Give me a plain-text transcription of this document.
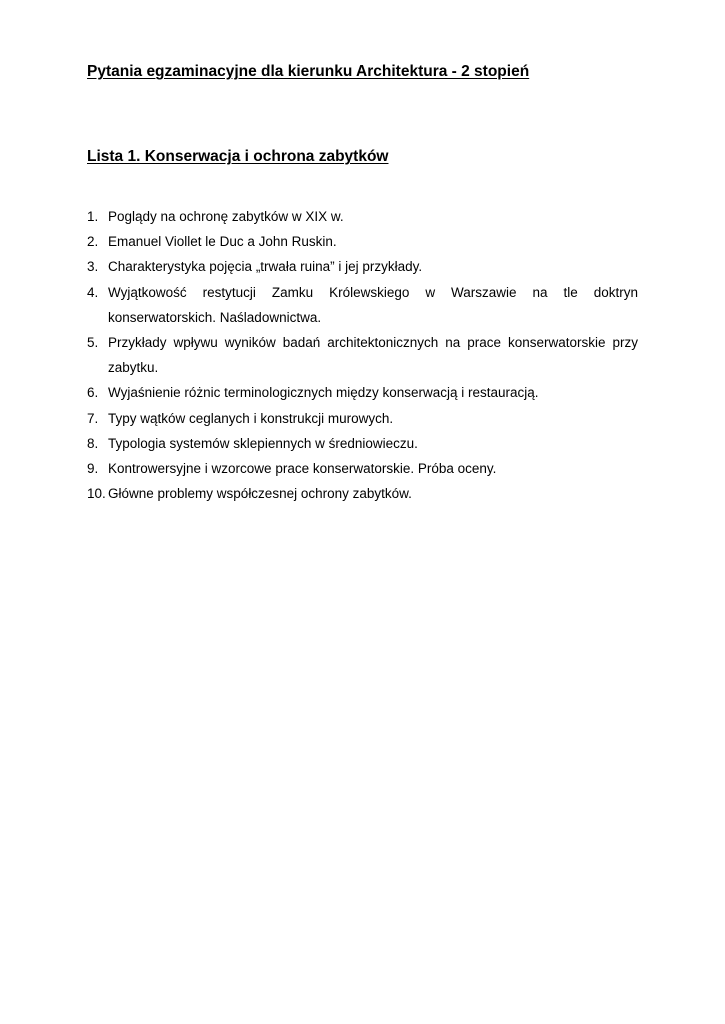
Pytania egzaminacyjne dla kierunku Architektura - 2 stopień
Lista 1. Konserwacja i ochrona zabytków
1. Poglądy na ochronę zabytków w XIX w.
2. Emanuel Viollet le Duc a John Ruskin.
3. Charakterystyka pojęcia „trwała ruina” i jej przykłady.
4. Wyjątkowość restytucji Zamku Królewskiego w Warszawie na tle doktryn konserwatorskich. Naśladownictwa.
5. Przykłady wpływu wyników badań architektonicznych na prace konserwatorskie przy zabytku.
6. Wyjaśnienie różnic terminologicznych między konserwacją i restauracją.
7. Typy wątków ceglanych i konstrukcji murowych.
8. Typologia systemów sklepiennych w średniowieczu.
9. Kontrowersyjne i wzorcowe prace konserwatorskie. Próba oceny.
10. Główne problemy współczesnej ochrony zabytków.
